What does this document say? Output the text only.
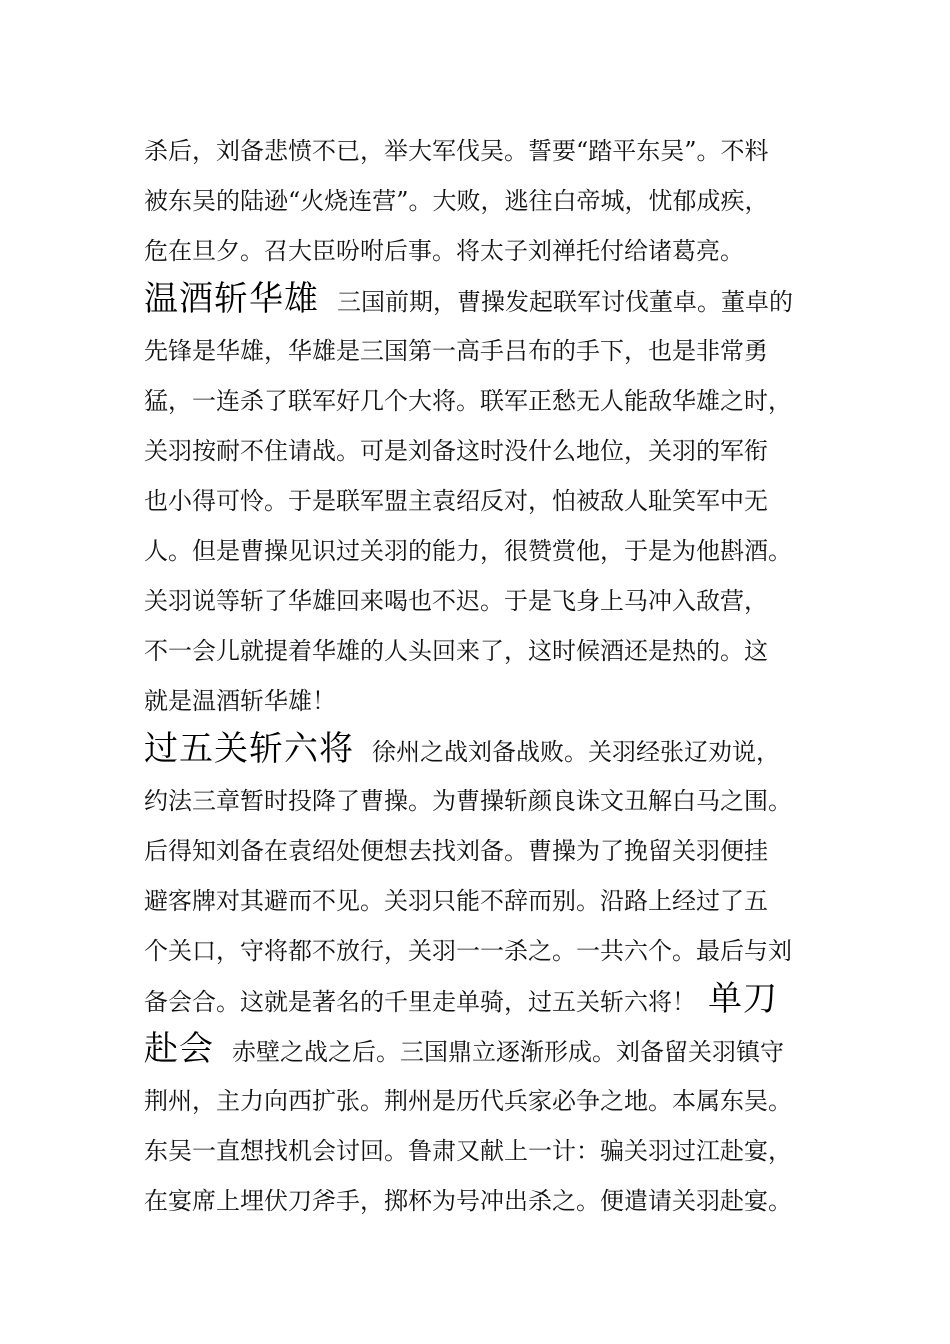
杀后，刘备悲愤不已，举大军伐吴。誓要“踏平东吴”。不料
被东吴的陆逊“火烧连营”。大败，逃往白帝城，忧郁成疾，
危在旦夕。召大臣吩咐后事。将太子刘禅托付给诸葛亮。
温酒斩华雄 三国前期，曹操发起联军讨伐董卓。董卓的
先锋是华雄，华雄是三国第一高手吕布的手下，也是非常勇
猛，一连杀了联军好几个大将。联军正愁无人能敌华雄之时，
关羽按耐不住请战。可是刘备这时没什么地位，关羽的军衔
也小得可怜。于是联军盟主袁绍反对，怕被敌人耻笑军中无
人。但是曹操见识过关羽的能力，很赞赏他，于是为他斟酒。
关羽说等斩了华雄回来喝也不迟。于是飞身上马冲入敌营，
不一会儿就提着华雄的人头回来了，这时候酒还是热的。这
就是温酒斩华雄！
过五关斩六将 徐州之战刘备战败。关羽经张辽劝说，
约法三章暂时投降了曹操。为曹操斩颜良诛文丑解白马之围。
后得知刘备在袁绍处便想去找刘备。曹操为了挽留关羽便挂
避客牌对其避而不见。关羽只能不辞而别。沿路上经过了五
个关口，守将都不放行，关羽一一杀之。一共六个。最后与刘
备会合。这就是著名的千里走单骑，过五关斩六将！ 单刀
赴会 赤壁之战之后。三国鼎立逐渐形成。刘备留关羽镇守
荆州，主力向西扩张。荆州是历代兵家必争之地。本属东吴。
东吴一直想找机会讨回。鲁肃又献上一计：骗关羽过江赴宴，
在宴席上埋伏刀斧手，掷杯为号冲出杀之。便遣请关羽赴宴。
